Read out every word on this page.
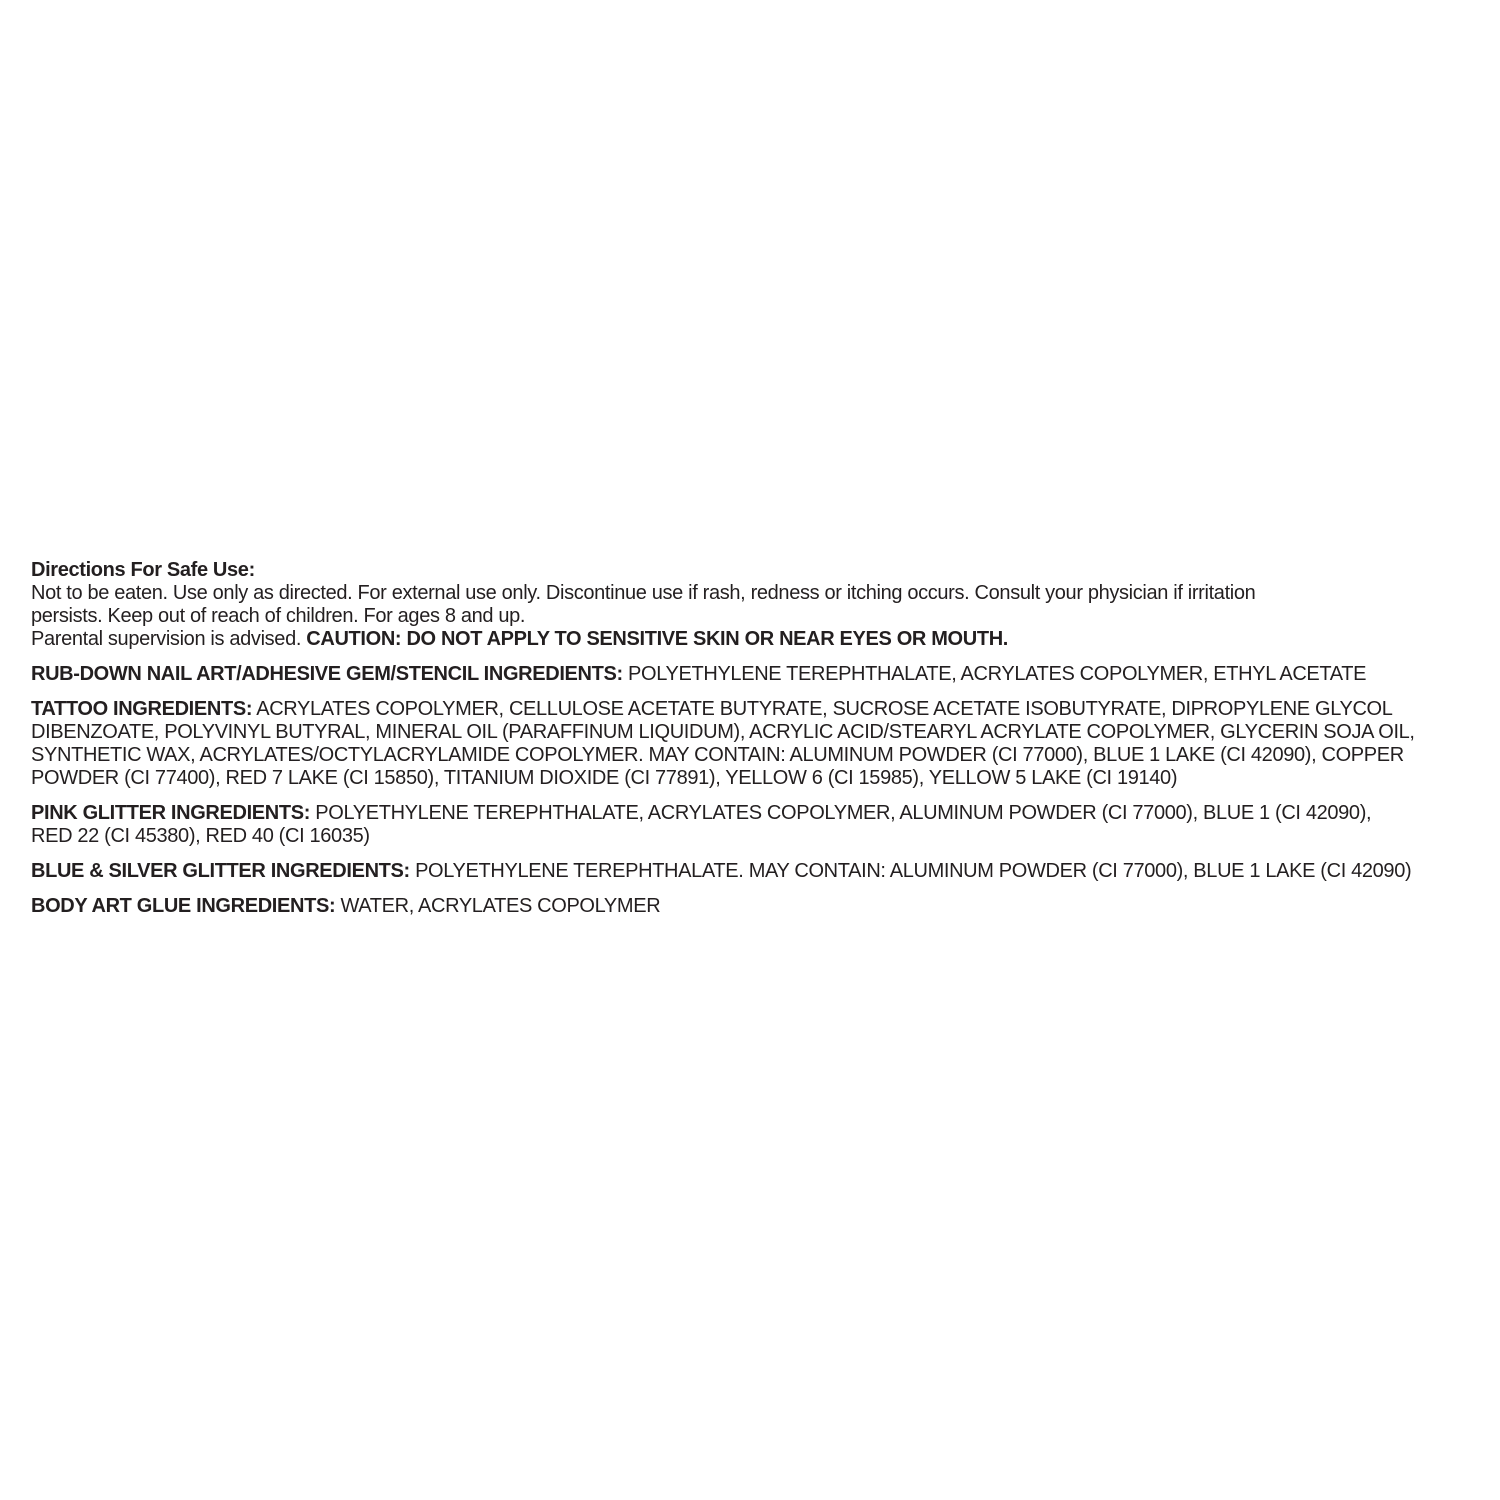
Directions For Safe Use:
Not to be eaten. Use only as directed. For external use only. Discontinue use if rash, redness or itching occurs. Consult your physician if irritation
persists. Keep out of reach of children. For ages 8 and up.
Parental supervision is advised. CAUTION: DO NOT APPLY TO SENSITIVE SKIN OR NEAR EYES OR MOUTH.
RUB-DOWN NAIL ART/ADHESIVE GEM/STENCIL INGREDIENTS: POLYETHYLENE TEREPHTHALATE, ACRYLATES COPOLYMER, ETHYL ACETATE
TATTOO INGREDIENTS: ACRYLATES COPOLYMER, CELLULOSE ACETATE BUTYRATE, SUCROSE ACETATE ISOBUTYRATE, DIPROPYLENE GLYCOL
DIBENZOATE, POLYVINYL BUTYRAL, MINERAL OIL (PARAFFINUM LIQUIDUM), ACRYLIC ACID/STEARYL ACRYLATE COPOLYMER, GLYCERIN SOJA OIL,
SYNTHETIC WAX, ACRYLATES/OCTYLACRYLAMIDE COPOLYMER. MAY CONTAIN: ALUMINUM POWDER (CI 77000), BLUE 1 LAKE (CI 42090), COPPER
POWDER (CI 77400), RED 7 LAKE (CI 15850), TITANIUM DIOXIDE (CI 77891), YELLOW 6 (CI 15985), YELLOW 5 LAKE (CI 19140)
PINK GLITTER INGREDIENTS: POLYETHYLENE TEREPHTHALATE, ACRYLATES COPOLYMER, ALUMINUM POWDER (CI 77000), BLUE 1 (CI 42090),
RED 22 (CI 45380), RED 40 (CI 16035)
BLUE & SILVER GLITTER INGREDIENTS: POLYETHYLENE TEREPHTHALATE. MAY CONTAIN: ALUMINUM POWDER (CI 77000), BLUE 1 LAKE (CI 42090)
BODY ART GLUE INGREDIENTS: WATER, ACRYLATES COPOLYMER
